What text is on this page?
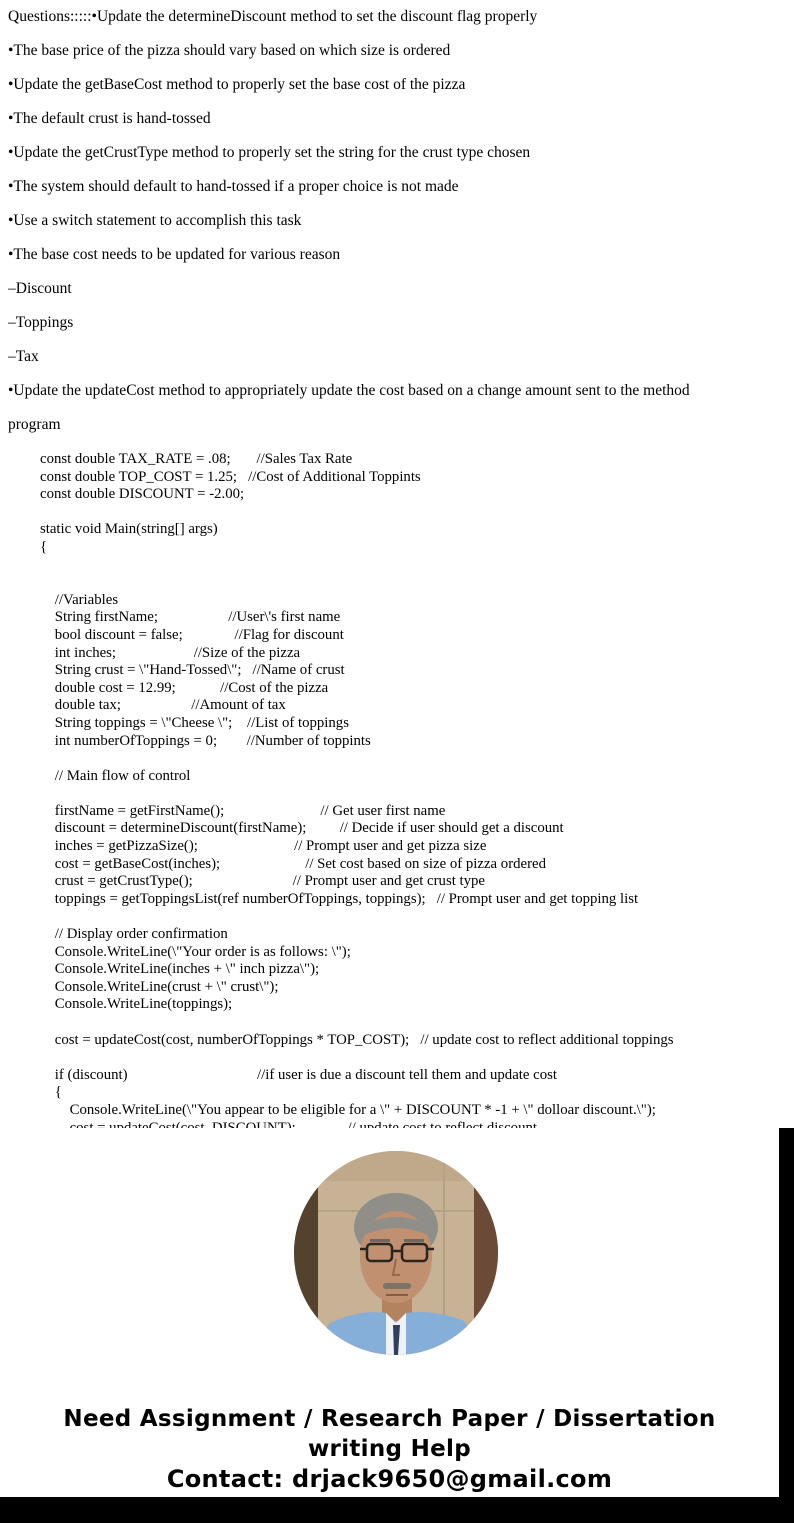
Questions:::::•Update the determineDiscount method to set the discount flag properly
•The base price of the pizza should vary based on which size is ordered
•Update the getBaseCost method to properly set the base cost of the pizza
•The default crust is hand-tossed
•Update the getCrustType method to properly set the string for the crust type chosen
•The system should default to hand-tossed if a proper choice is not made
•Use a switch statement to accomplish this task
•The base cost needs to be updated for various reason
–Discount
–Toppings
–Tax
•Update the updateCost method to appropriately update the cost based on a change amount sent to the method
program
const double TAX_RATE = .08;       //Sales Tax Rate
const double TOP_COST = 1.25;   //Cost of Additional Toppints
const double DISCOUNT = -2.00;

static void Main(string[] args)
{

//Variables
String firstName;                   //User\'s first name
bool discount = false;              //Flag for discount
int inches;                     //Size of the pizza
String crust = \"Hand-Tossed\";   //Name of crust
double cost = 12.99;            //Cost of the pizza
double tax;                   //Amount of tax
String toppings = \"Cheese \";    //List of toppings
int numberOfToppings = 0;        //Number of toppints

// Main flow of control

firstName = getFirstName();                          // Get user first name
discount = determineDiscount(firstName);         // Decide if user should get a discount
inches = getPizzaSize();                          // Prompt user and get pizza size
cost = getBaseCost(inches);                       // Set cost based on size of pizza ordered
crust = getCrustType();                           // Prompt user and get crust type
toppings = getToppingsList(ref numberOfToppings, toppings);   // Prompt user and get topping list

// Display order confirmation
Console.WriteLine(\"Your order is as follows: \");
Console.WriteLine(inches + \" inch pizza\");
Console.WriteLine(crust + \" crust\");
Console.WriteLine(toppings);

cost = updateCost(cost, numberOfToppings * TOP_COST);   // update cost to reflect additional toppings

if (discount)                                   //if user is due a discount tell them and update cost
{
Console.WriteLine(\"You appear to be eligible for a \" + DISCOUNT * -1 + \" dolloar discount.\");
Need Assignment / Research Paper / Dissertation
writing Help
Contact: drjack9650@gmail.com
